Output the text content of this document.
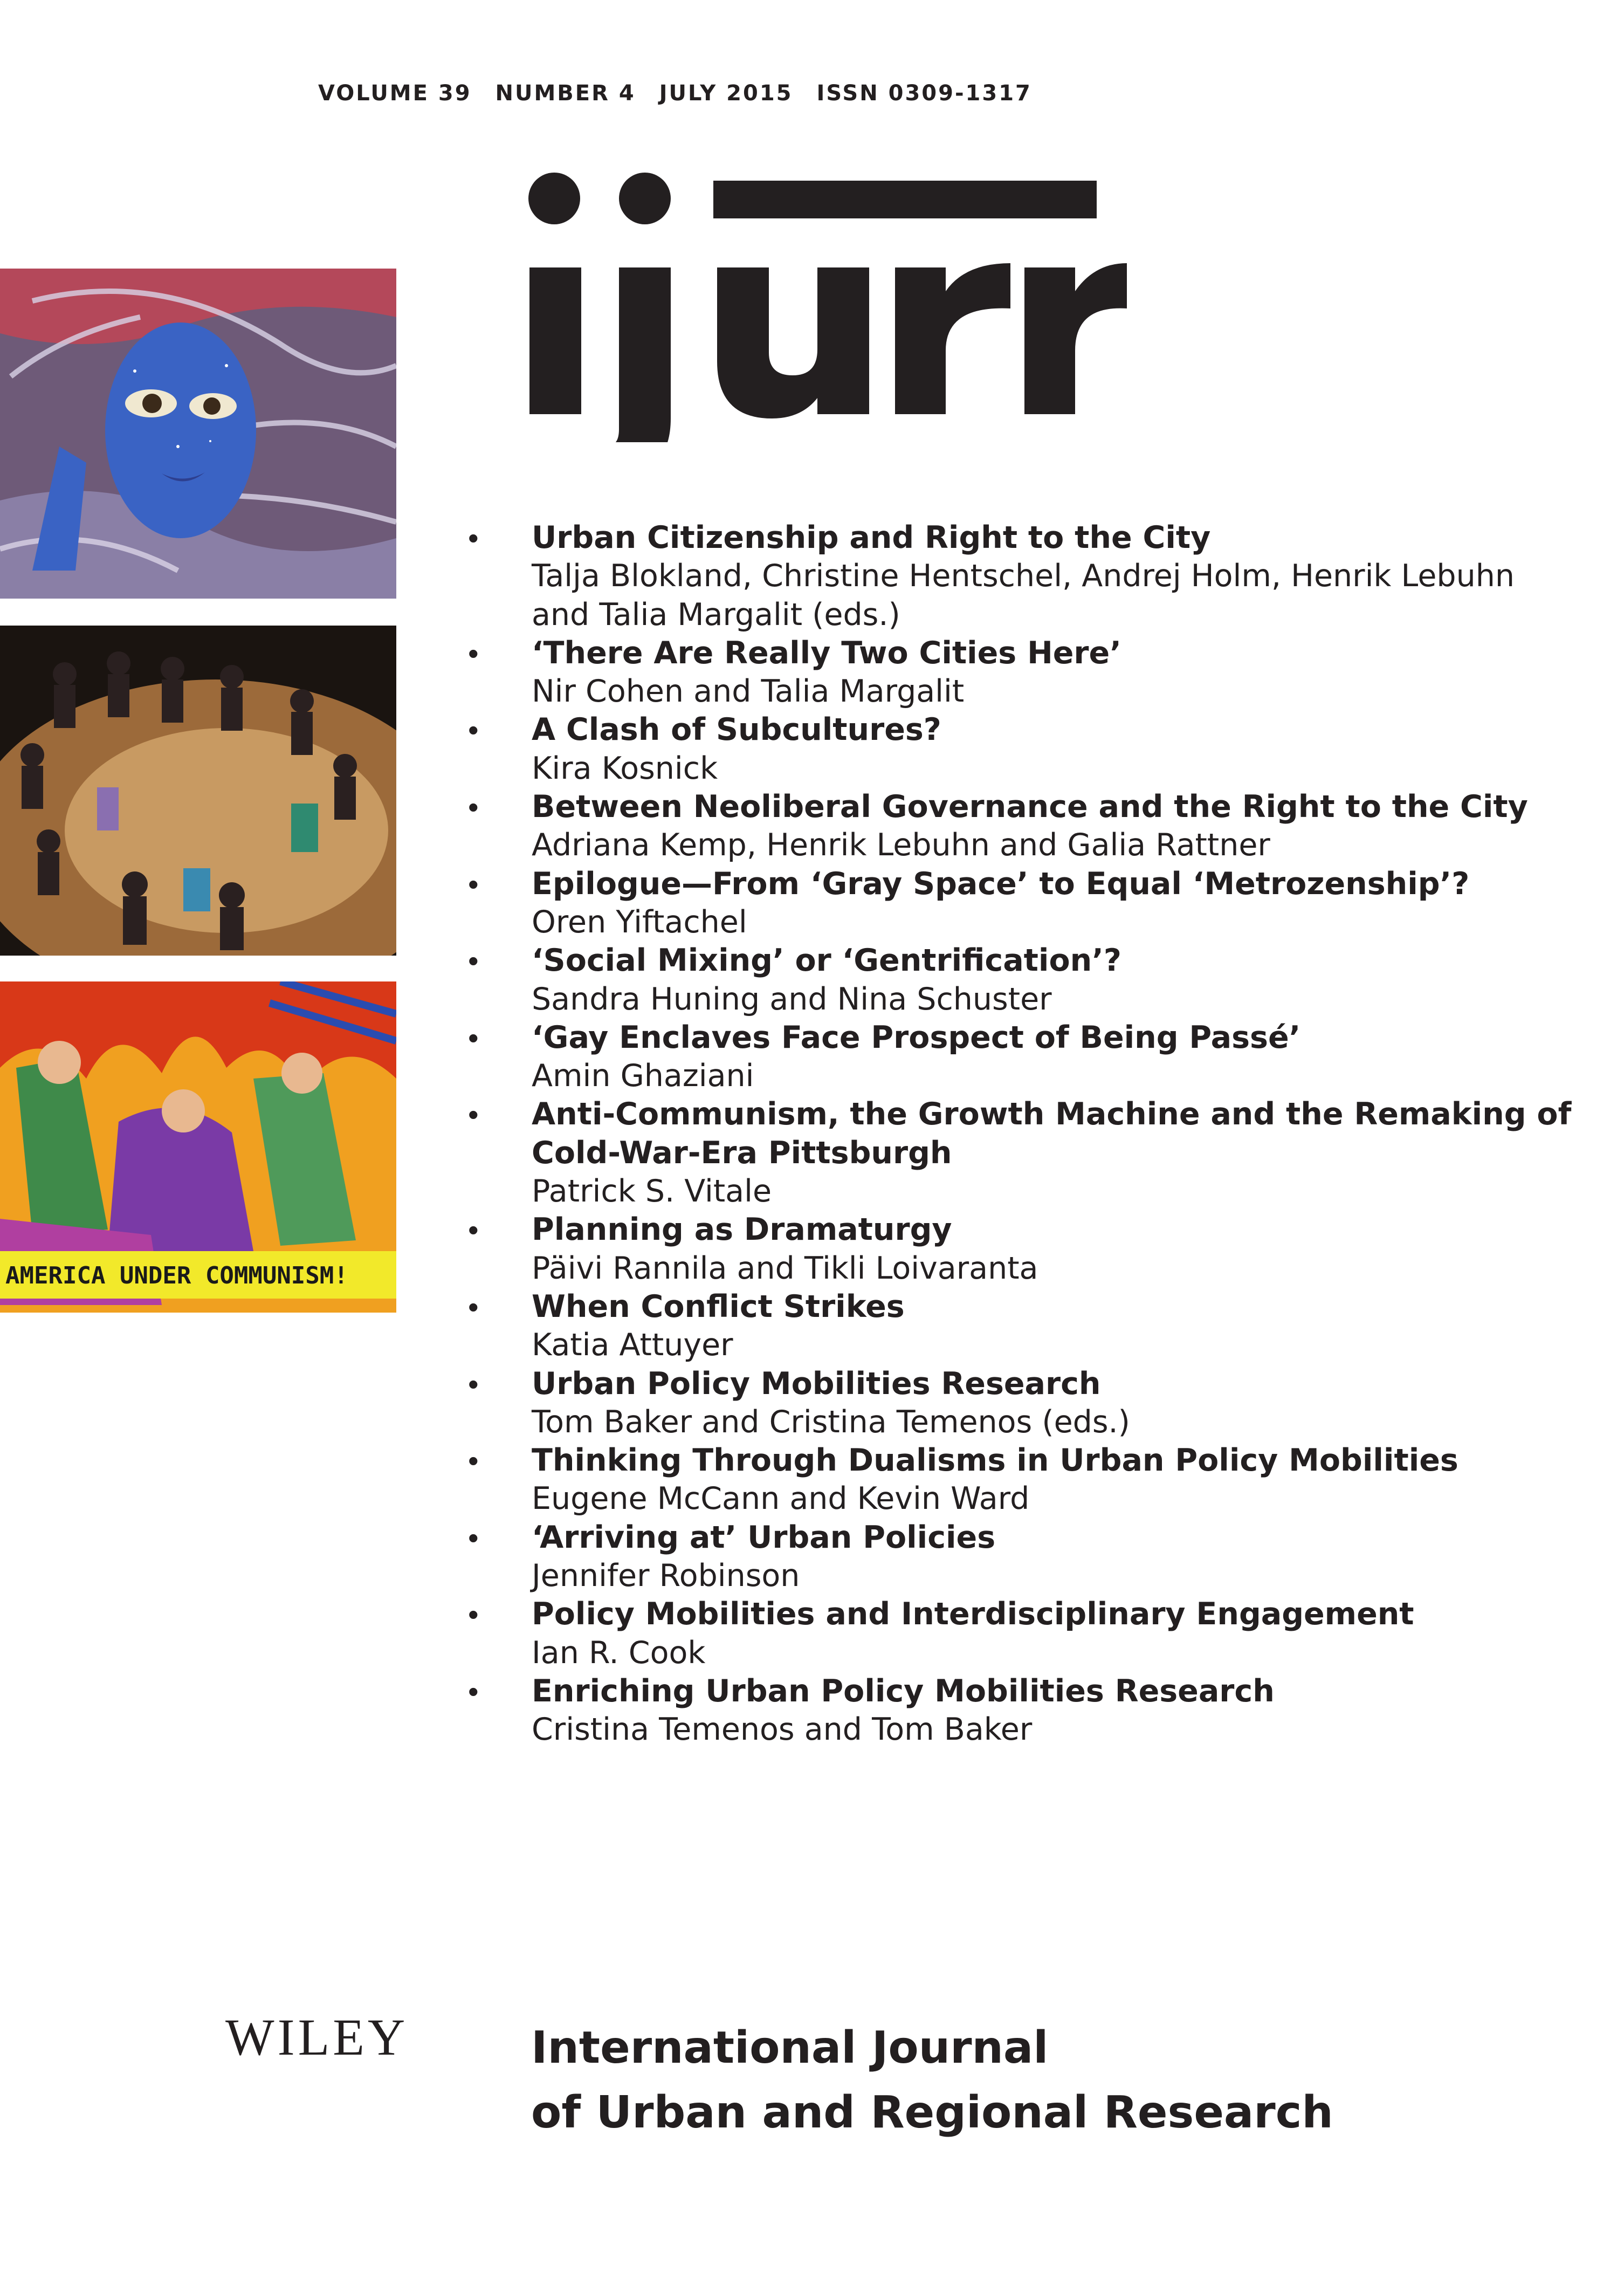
VOLUME 39 NUMBER 4 JULY 2015 ISSN 0309-1317
AMERICA UNDER COMMUNISM!
• Urban Citizenship and Right to the City
Talja Blokland, Christine Hentschel, Andrej Holm, Henrik Lebuhn
and Talia Margalit (eds.)
• ‘There Are Really Two Cities Here’
Nir Cohen and Talia Margalit
• A Clash of Subcultures?
Kira Kosnick
• Between Neoliberal Governance and the Right to the City
Adriana Kemp, Henrik Lebuhn and Galia Rattner
• Epilogue—From ‘Gray Space’ to Equal ‘Metrozenship’?
Oren Yiftachel
• ‘Social Mixing’ or ‘Gentrification’?
Sandra Huning and Nina Schuster
• ‘Gay Enclaves Face Prospect of Being Passé’
Amin Ghaziani
• Anti-Communism, the Growth Machine and the Remaking of
Cold-War-Era Pittsburgh
Patrick S. Vitale
• Planning as Dramaturgy
Päivi Rannila and Tikli Loivaranta
• When Conflict Strikes
Katia Attuyer
• Urban Policy Mobilities Research
Tom Baker and Cristina Temenos (eds.)
• Thinking Through Dualisms in Urban Policy Mobilities
Eugene McCann and Kevin Ward
• ‘Arriving at’ Urban Policies
Jennifer Robinson
• Policy Mobilities and Interdisciplinary Engagement
Ian R. Cook
• Enriching Urban Policy Mobilities Research
Cristina Temenos and Tom Baker
WILEY	International Journal
of Urban and Regional Research
